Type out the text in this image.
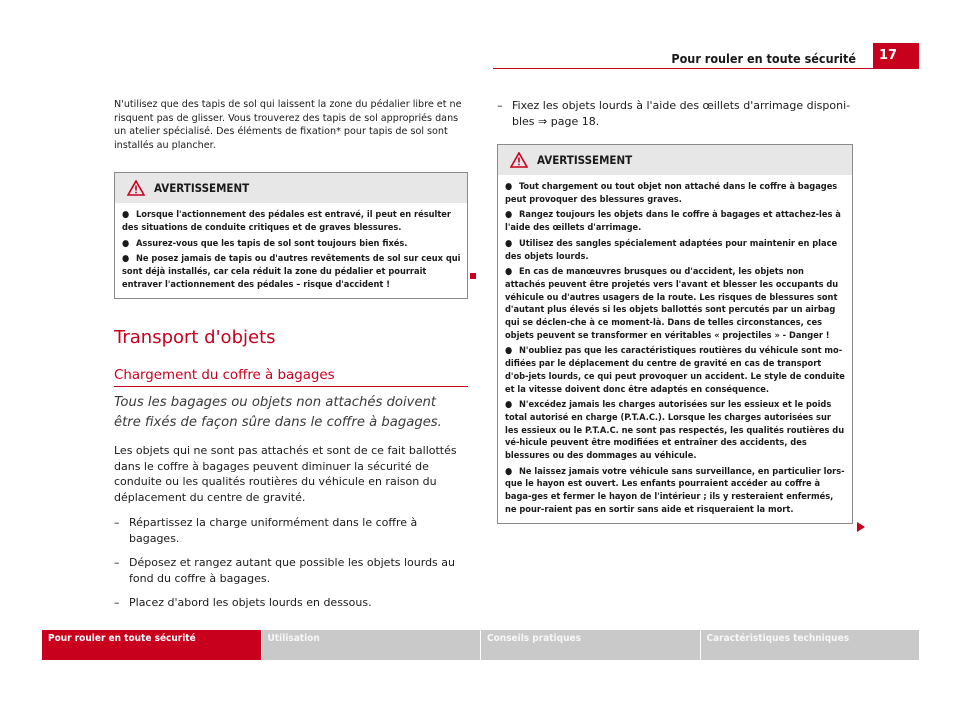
Pour rouler en toute sécurité	17

N'utilisez que des tapis de sol qui laissent la zone du pédalier libre et ne risquent pas de glisser. Vous trouverez des tapis de sol appropriés dans un atelier spécialisé. Des éléments de fixation* pour tapis de sol sont installés au plancher.

AVERTISSEMENT

● Lorsque l'actionnement des pédales est entravé, il peut en résulter des situations de conduite critiques et de graves blessures.

● Assurez-vous que les tapis de sol sont toujours bien fixés.

● Ne posez jamais de tapis ou d'autres revêtements de sol sur ceux qui sont déjà installés, car cela réduit la zone du pédalier et pourrait entraver l'actionnement des pédales – risque d'accident !

Transport d'objets
Chargement du coffre à bagages
Tous les bagages ou objets non attachés doivent être fixés de façon sûre dans le coffre à bagages.

Les objets qui ne sont pas attachés et sont de ce fait ballottés dans le coffre à bagages peuvent diminuer la sécurité de conduite ou les qualités routières du véhicule en raison du déplacement du centre de gravité.

– Répartissez la charge uniformément dans le coffre à bagages.
– Déposez et rangez autant que possible les objets lourds au fond du coffre à bagages.
– Placez d'abord les objets lourds en dessous.
– Fixez les objets lourds à l'aide des œillets d'arrimage disponi-bles ⇒ page 18.
AVERTISSEMENT

● Tout chargement ou tout objet non attaché dans le coffre à bagages peut provoquer des blessures graves.

● Rangez toujours les objets dans le coffre à bagages et attachez-les à l'aide des œillets d'arrimage.

● Utilisez des sangles spécialement adaptées pour maintenir en place des objets lourds.

● En cas de manœuvres brusques ou d'accident, les objets non attachés peuvent être projetés vers l'avant et blesser les occupants du véhicule ou d'autres usagers de la route. Les risques de blessures sont d'autant plus élevés si les objets ballottés sont percutés par un airbag qui se déclen-che à ce moment-là. Dans de telles circonstances, ces objets peuvent se transformer en véritables « projectiles » - Danger !

● N'oubliez pas que les caractéristiques routières du véhicule sont mo-difiées par le déplacement du centre de gravité en cas de transport d'ob-jets lourds, ce qui peut provoquer un accident. Le style de conduite et la vitesse doivent donc être adaptés en conséquence.

● N'excédez jamais les charges autorisées sur les essieux et le poids total autorisé en charge (P.T.A.C.). Lorsque les charges autorisées sur les essieux ou le P.T.A.C. ne sont pas respectés, les qualités routières du vé-hicule peuvent être modifiées et entraîner des accidents, des blessures ou des dommages au véhicule.

● Ne laissez jamais votre véhicule sans surveillance, en particulier lors-que le hayon est ouvert. Les enfants pourraient accéder au coffre à baga-ges et fermer le hayon de l'intérieur ; ils y resteraient enfermés, ne pour-raient pas en sortir sans aide et risqueraient la mort.

Pour rouler en toute sécurité	Utilisation	Conseils pratiques	Caractéristiques techniques
